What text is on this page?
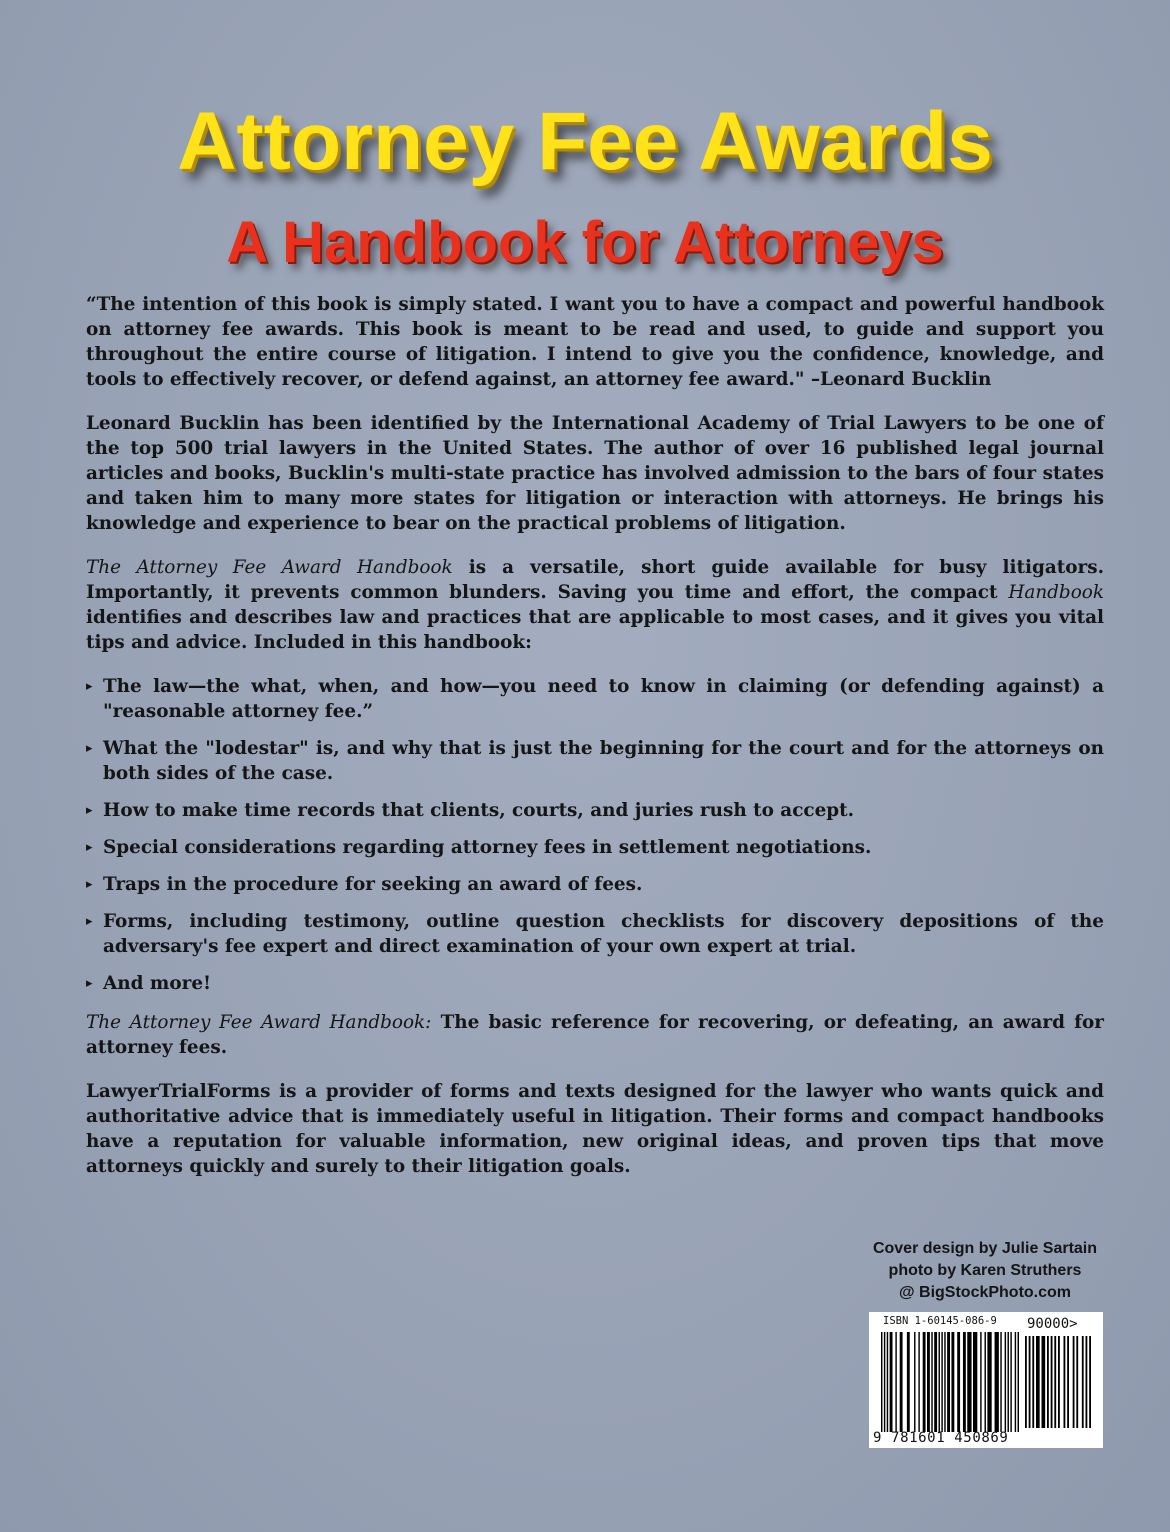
Attorney Fee Awards
A Handbook for Attorneys

“The intention of this book is simply stated. I want you to have a compact and powerful handbook on attorney fee awards. This book is meant to be read and used, to guide and support you throughout the entire course of litigation. I intend to give you the confidence, knowledge, and tools to effectively recover, or defend against, an attorney fee award." –Leonard Bucklin

Leonard Bucklin has been identified by the International Academy of Trial Lawyers to be one of the top 500 trial lawyers in the United States. The author of over 16 published legal journal articles and books, Bucklin's multi-state practice has involved admission to the bars of four states and taken him to many more states for litigation or interaction with attorneys. He brings his knowledge and experience to bear on the practical problems of litigation.

The Attorney Fee Award Handbook is a versatile, short guide available for busy litigators. Importantly, it prevents common blunders. Saving you time and effort, the compact Handbook identifies and describes law and practices that are applicable to most cases, and it gives you vital tips and advice. Included in this handbook:

▸ The law—the what, when, and how—you need to know in claiming (or defending against) a "reasonable attorney fee.”
▸ What the "lodestar" is, and why that is just the beginning for the court and for the attorneys on both sides of the case.
▸ How to make time records that clients, courts, and juries rush to accept.
▸ Special considerations regarding attorney fees in settlement negotiations.
▸ Traps in the procedure for seeking an award of fees.
▸ Forms, including testimony, outline question checklists for discovery depositions of the adversary's fee expert and direct examination of your own expert at trial.
▸ And more!

The Attorney Fee Award Handbook: The basic reference for recovering, or defeating, an award for attorney fees.

LawyerTrialForms is a provider of forms and texts designed for the lawyer who wants quick and authoritative advice that is immediately useful in litigation. Their forms and compact handbooks have a reputation for valuable information, new original ideas, and proven tips that move attorneys quickly and surely to their litigation goals.

Cover design by Julie Sartain
photo by Karen Struthers
@ BigStockPhoto.com
ISBN 1-60145-086-9 90000>
9 781601 450869
